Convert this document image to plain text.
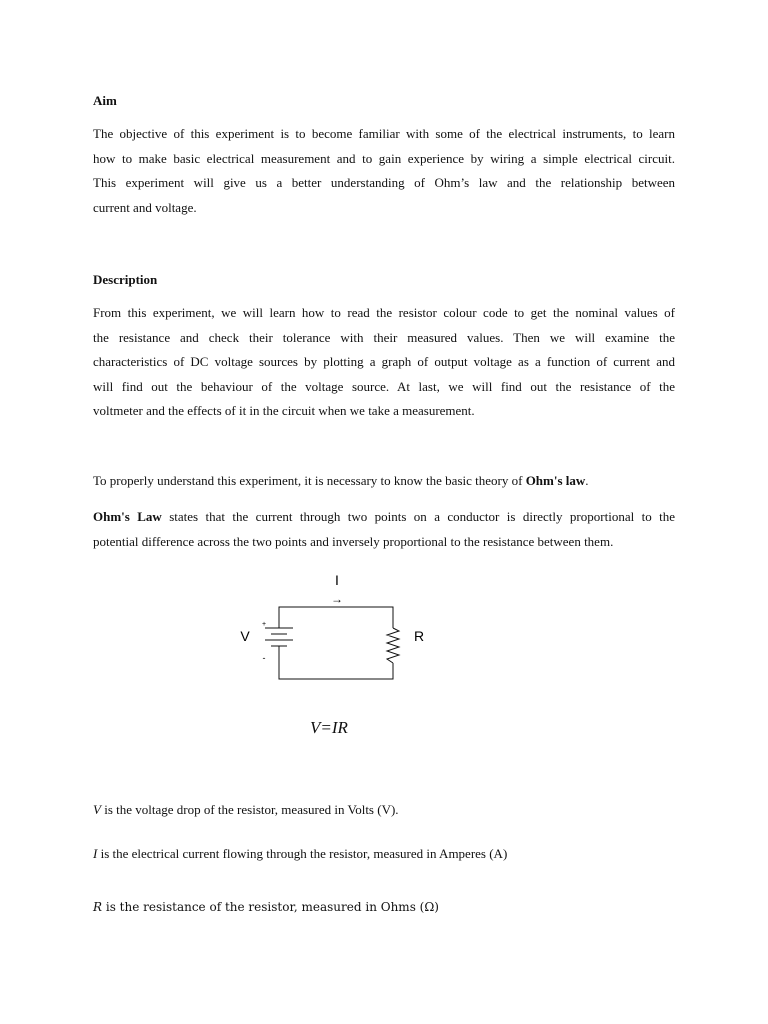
Aim
The objective of this experiment is to become familiar with some of the electrical instruments, to learn
how to make basic electrical measurement and to gain experience by wiring a simple electrical circuit.
This experiment will give us a better understanding of Ohm’s law and the relationship between
current and voltage.
Description
From this experiment, we will learn how to read the resistor colour code to get the nominal values of
the resistance and check their tolerance with their measured values. Then we will examine the
characteristics of DC voltage sources by plotting a graph of output voltage as a function of current and
will find out the behaviour of the voltage source. At last, we will find out the resistance of the
voltmeter and the effects of it in the circuit when we take a measurement.
To properly understand this experiment, it is necessary to know the basic theory of Ohm's law.
Ohm's Law states that the current through two points on a conductor is directly proportional to the
potential difference across the two points and inversely proportional to the resistance between them.
I
→
V
+
-
R
V=IR
V is the voltage drop of the resistor, measured in Volts (V).
I is the electrical current flowing through the resistor, measured in Amperes (A)
R is the resistance of the resistor, measured in Ohms (Ω)
